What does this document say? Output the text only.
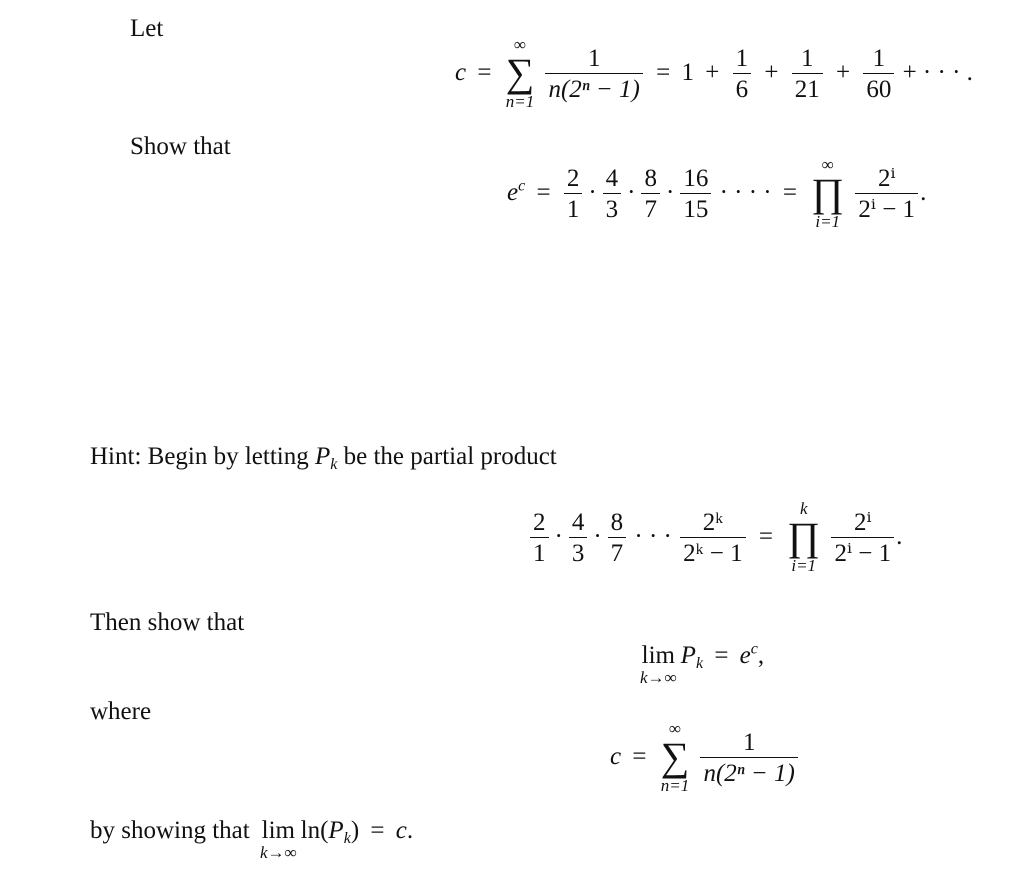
Let
c =
∞
∑
n=1
$\frac{1}{\text{n(2ⁿ − 1)}} = 1 + \frac{1}{6} + \frac{1}{21} + \frac{1}{60}$ + · · · .
Show that
$e^c = \frac{2}{1} \cdot \frac{4}{3} \cdot \frac{8}{7} \cdot \frac{16}{15}$ · · · · =
∞
∏
i=1
$\frac{\text{2ⁱ}}{\text{2ⁱ − 1}}$ .
Hint: Begin by letting $P_k$ be the partial product
$\frac{2}{1} \cdot \frac{4}{3} \cdot \frac{8}{7}$ · · · $\frac{\text{2ᵏ}}{\text{2ᵏ − 1}}$ =
k
∏
i=1
$\frac{\text{2ⁱ}}{\text{2ⁱ − 1}}$ .
Then show that
lim
k→∞
$P_k = e^c$,
where
c =
∞
∑
n=1
$\frac{1}{\text{n(2ⁿ − 1)}}$
by showing that lim
k→∞
$\ln(P_k) = c$.
